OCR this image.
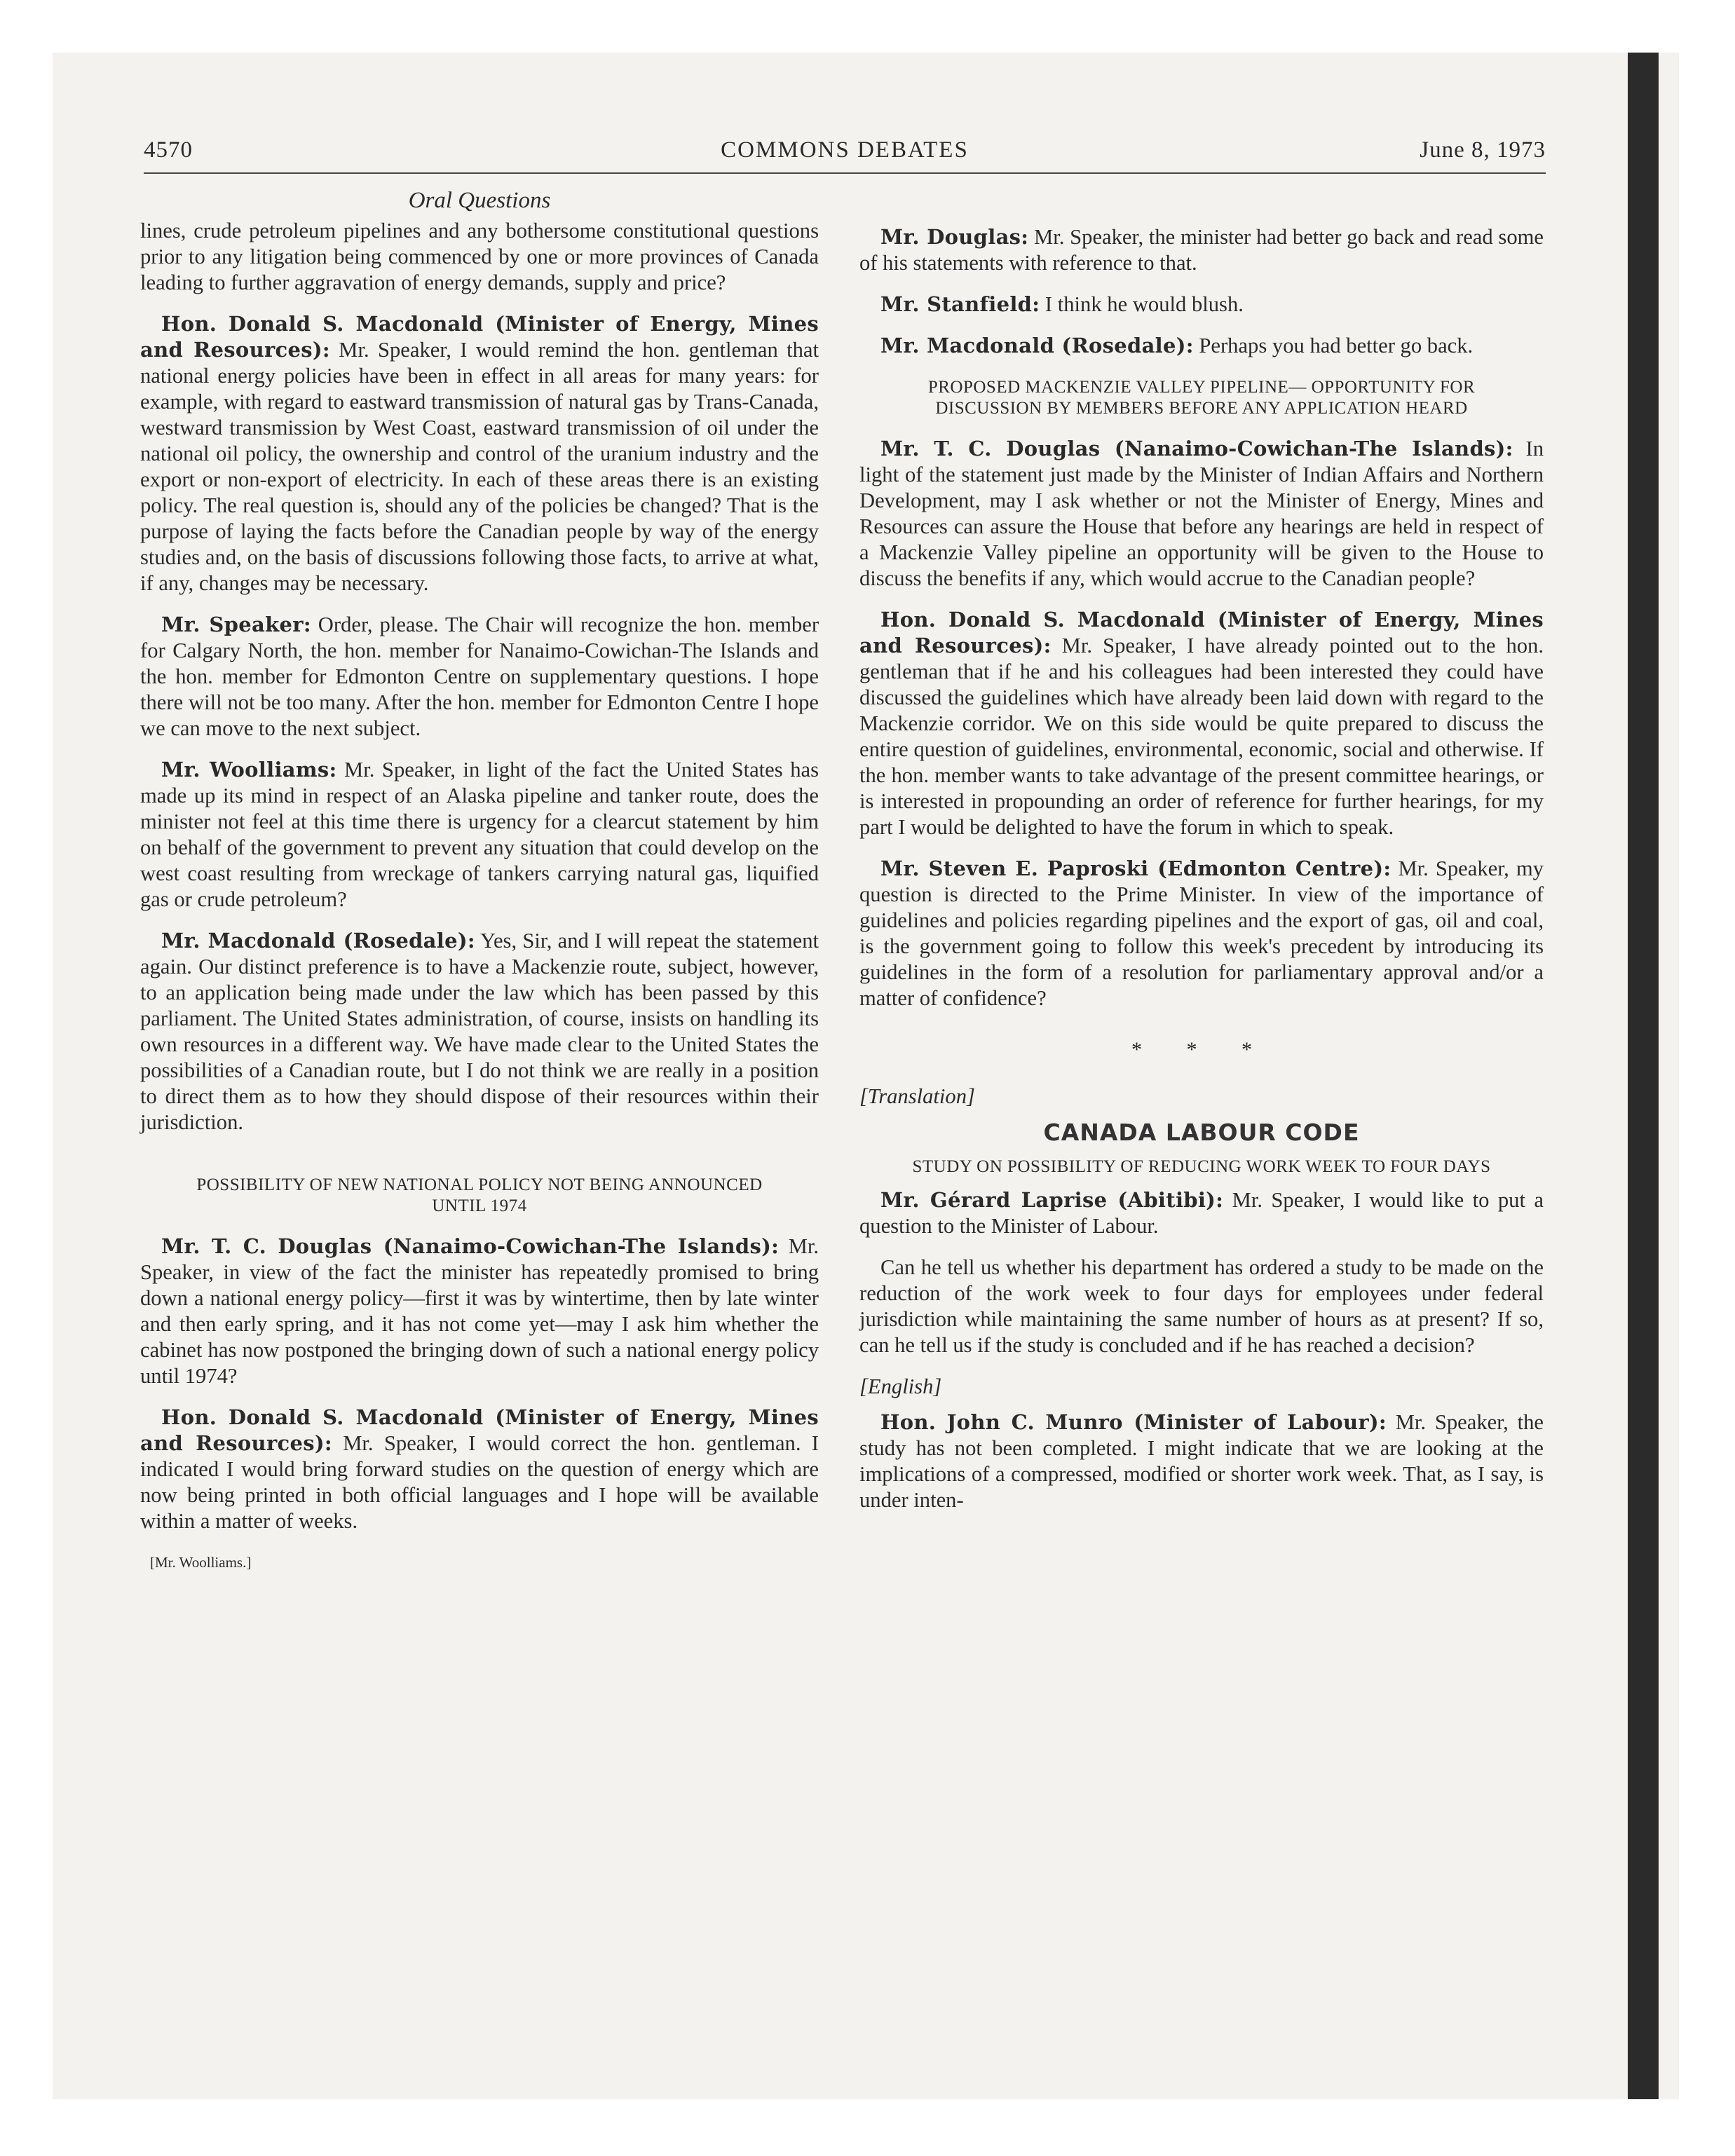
4570	COMMONS DEBATES	June 8, 1973
Oral Questions

lines, crude petroleum pipelines and any bothersome constitutional questions prior to any litigation being commenced by one or more provinces of Canada leading to further aggravation of energy demands, supply and price?

Hon. Donald S. Macdonald (Minister of Energy, Mines and Resources): Mr. Speaker, I would remind the hon. gentleman that national energy policies have been in effect in all areas for many years: for example, with regard to eastward transmission of natural gas by Trans-Canada, westward transmission by West Coast, eastward transmission of oil under the national oil policy, the ownership and control of the uranium industry and the export or non-export of electricity. In each of these areas there is an existing policy. The real question is, should any of the policies be changed? That is the purpose of laying the facts before the Canadian people by way of the energy studies and, on the basis of discussions following those facts, to arrive at what, if any, changes may be necessary.

Mr. Speaker: Order, please. The Chair will recognize the hon. member for Calgary North, the hon. member for Nanaimo-Cowichan-The Islands and the hon. member for Edmonton Centre on supplementary questions. I hope there will not be too many. After the hon. member for Edmonton Centre I hope we can move to the next subject.

Mr. Woolliams: Mr. Speaker, in light of the fact the United States has made up its mind in respect of an Alaska pipeline and tanker route, does the minister not feel at this time there is urgency for a clearcut statement by him on behalf of the government to prevent any situation that could develop on the west coast resulting from wreckage of tankers carrying natural gas, liquified gas or crude petroleum?

Mr. Macdonald (Rosedale): Yes, Sir, and I will repeat the statement again. Our distinct preference is to have a Mackenzie route, subject, however, to an application being made under the law which has been passed by this parliament. The United States administration, of course, insists on handling its own resources in a different way. We have made clear to the United States the possibilities of a Canadian route, but I do not think we are really in a position to direct them as to how they should dispose of their resources within their jurisdiction.

POSSIBILITY OF NEW NATIONAL POLICY NOT BEING ANNOUNCED UNTIL 1974

Mr. T. C. Douglas (Nanaimo-Cowichan-The Islands): Mr. Speaker, in view of the fact the minister has repeatedly promised to bring down a national energy policy—first it was by wintertime, then by late winter and then early spring, and it has not come yet—may I ask him whether the cabinet has now postponed the bringing down of such a national energy policy until 1974?

Hon. Donald S. Macdonald (Minister of Energy, Mines and Resources): Mr. Speaker, I would correct the hon. gentleman. I indicated I would bring forward studies on the question of energy which are now being printed in both official languages and I hope will be available within a matter of weeks.

[Mr. Woolliams.]

Mr. Douglas: Mr. Speaker, the minister had better go back and read some of his statements with reference to that.

Mr. Stanfield: I think he would blush.

Mr. Macdonald (Rosedale): Perhaps you had better go back.

PROPOSED MACKENZIE VALLEY PIPELINE— OPPORTUNITY FOR DISCUSSION BY MEMBERS BEFORE ANY APPLICATION HEARD

Mr. T. C. Douglas (Nanaimo-Cowichan-The Islands): In light of the statement just made by the Minister of Indian Affairs and Northern Development, may I ask whether or not the Minister of Energy, Mines and Resources can assure the House that before any hearings are held in respect of a Mackenzie Valley pipeline an opportunity will be given to the House to discuss the benefits if any, which would accrue to the Canadian people?

Hon. Donald S. Macdonald (Minister of Energy, Mines and Resources): Mr. Speaker, I have already pointed out to the hon. gentleman that if he and his colleagues had been interested they could have discussed the guidelines which have already been laid down with regard to the Mackenzie corridor. We on this side would be quite prepared to discuss the entire question of guidelines, environmental, economic, social and otherwise. If the hon. member wants to take advantage of the present committee hearings, or is interested in propounding an order of reference for further hearings, for my part I would be delighted to have the forum in which to speak.

Mr. Steven E. Paproski (Edmonton Centre): Mr. Speaker, my question is directed to the Prime Minister. In view of the importance of guidelines and policies regarding pipelines and the export of gas, oil and coal, is the government going to follow this week's precedent by introducing its guidelines in the form of a resolution for parliamentary approval and/or a matter of confidence?

* * *
[Translation]
CANADA LABOUR CODE
STUDY ON POSSIBILITY OF REDUCING WORK WEEK TO FOUR DAYS

Mr. Gérard Laprise (Abitibi): Mr. Speaker, I would like to put a question to the Minister of Labour.

Can he tell us whether his department has ordered a study to be made on the reduction of the work week to four days for employees under federal jurisdiction while maintaining the same number of hours as at present? If so, can he tell us if the study is concluded and if he has reached a decision?

[English]

Hon. John C. Munro (Minister of Labour): Mr. Speaker, the study has not been completed. I might indicate that we are looking at the implications of a compressed, modified or shorter work week. That, as I say, is under inten-
